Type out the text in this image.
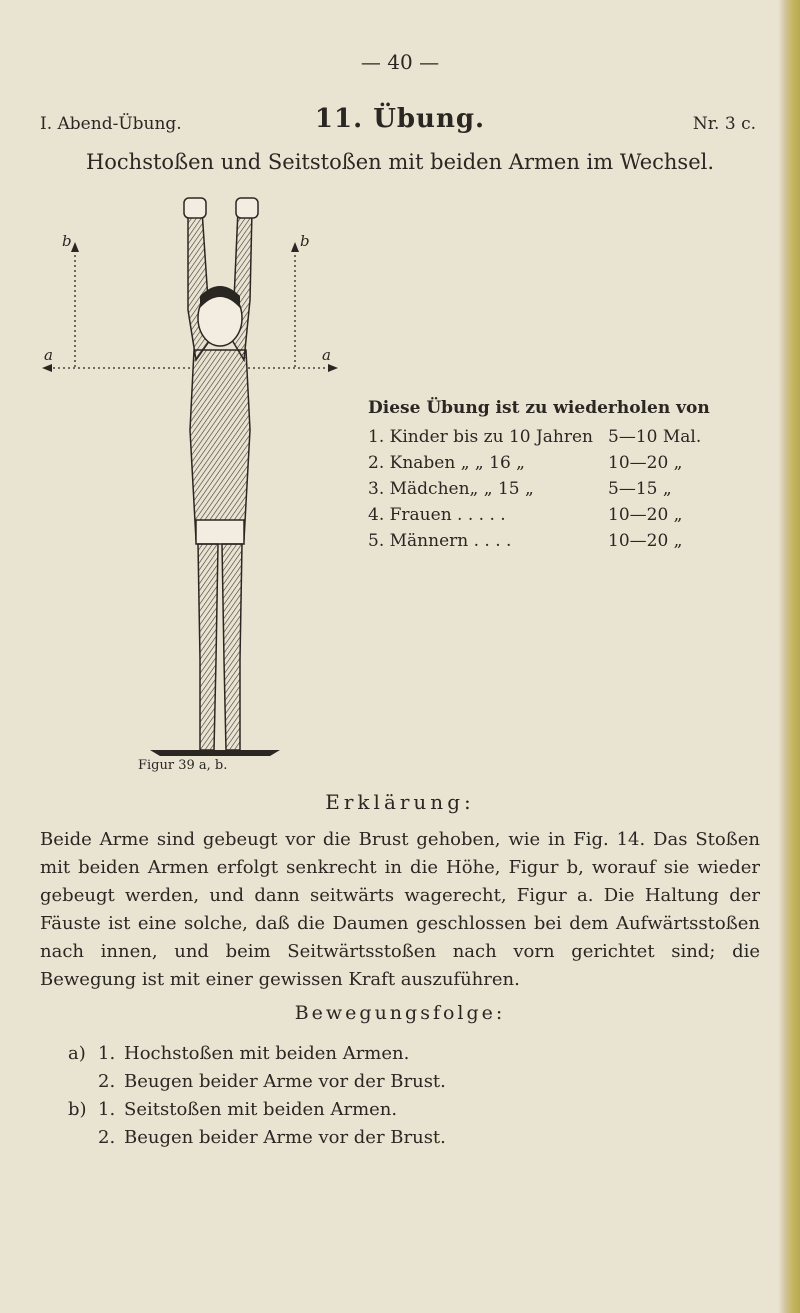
— 40 —
I. Abend-Übung.	11. Übung.	Nr. 3 c.
Hochstoßen und Seitstoßen mit beiden Armen im Wechsel.
b	b
a	a
Figur 39 a, b.
Diese Übung ist zu wiederholen von
1. Kinder bis zu 10 Jahren 5—10 Mal.
2. Knaben „ „ 16 „	10—20 „
3. Mädchen„ „ 15 „	5—15 „
4. Frauen . . . . .	10—20 „
5. Männern . . . .	10—20 „
Erklärung:
Beide Arme sind gebeugt vor die Brust gehoben, wie in Fig. 14. Das Stoßen mit beiden Armen erfolgt senkrecht in die Höhe, Figur b, worauf sie wieder gebeugt werden, und dann seitwärts wagerecht, Figur a. Die Haltung der Fäuste ist eine solche, daß die Daumen geschlossen bei dem Aufwärtsstoßen nach innen, und beim Seitwärtsstoßen nach vorn gerichtet sind; die Bewegung ist mit einer gewissen Kraft auszuführen.
Bewegungsfolge:
a) 1. Hochstoßen mit beiden Armen.
2. Beugen beider Arme vor der Brust.
b) 1. Seitstoßen mit beiden Armen.
2. Beugen beider Arme vor der Brust.
